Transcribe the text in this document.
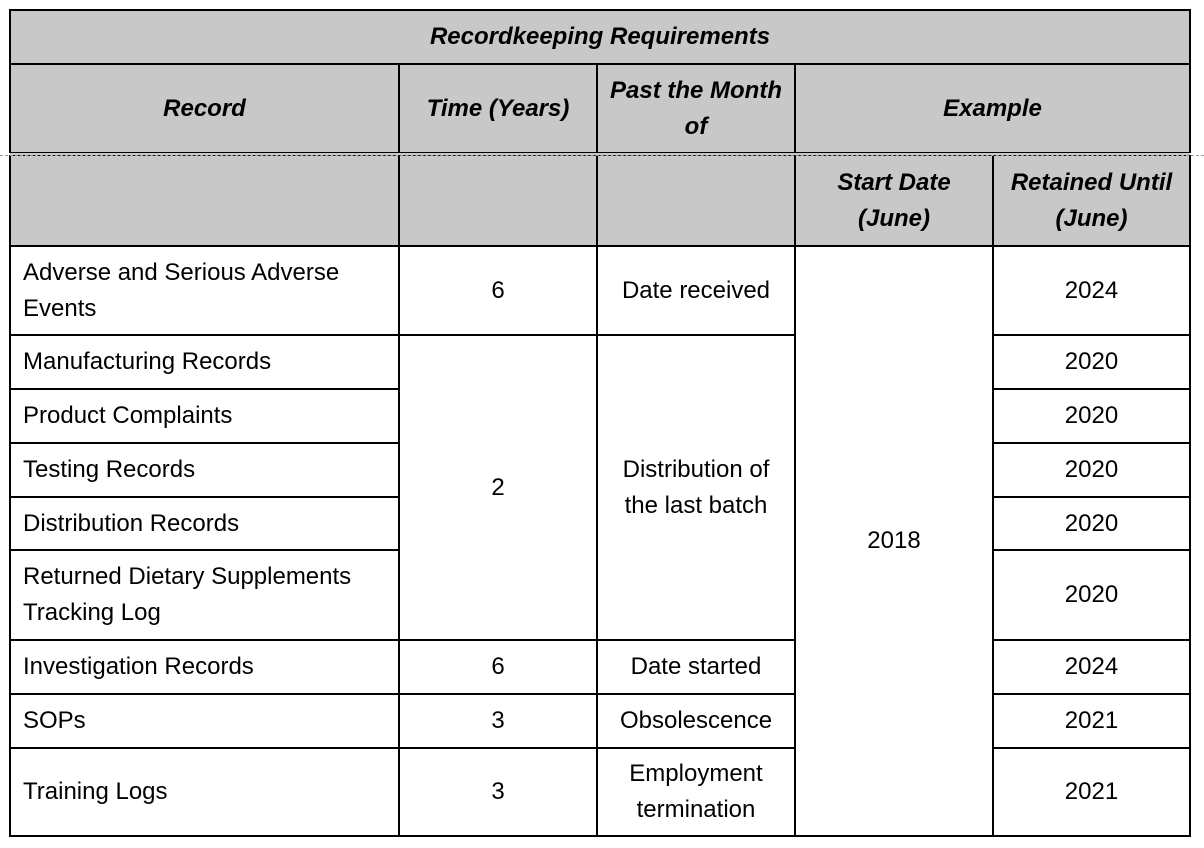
Recordkeeping Requirements				
Record	Time (Years)	Past the Month of	Example	
			Start Date (June)	Retained Until (June)
Adverse and Serious Adverse Events	6	Date received	2018	2024
Manufacturing Records	2	Distribution of the last batch		2020
Product Complaints				2020
Testing Records				2020
Distribution Records				2020
Returned Dietary Supplements Tracking Log				2020
Investigation Records	6	Date started		2024
SOPs	3	Obsolescence		2021
Training Logs	3	Employment termination		2021
